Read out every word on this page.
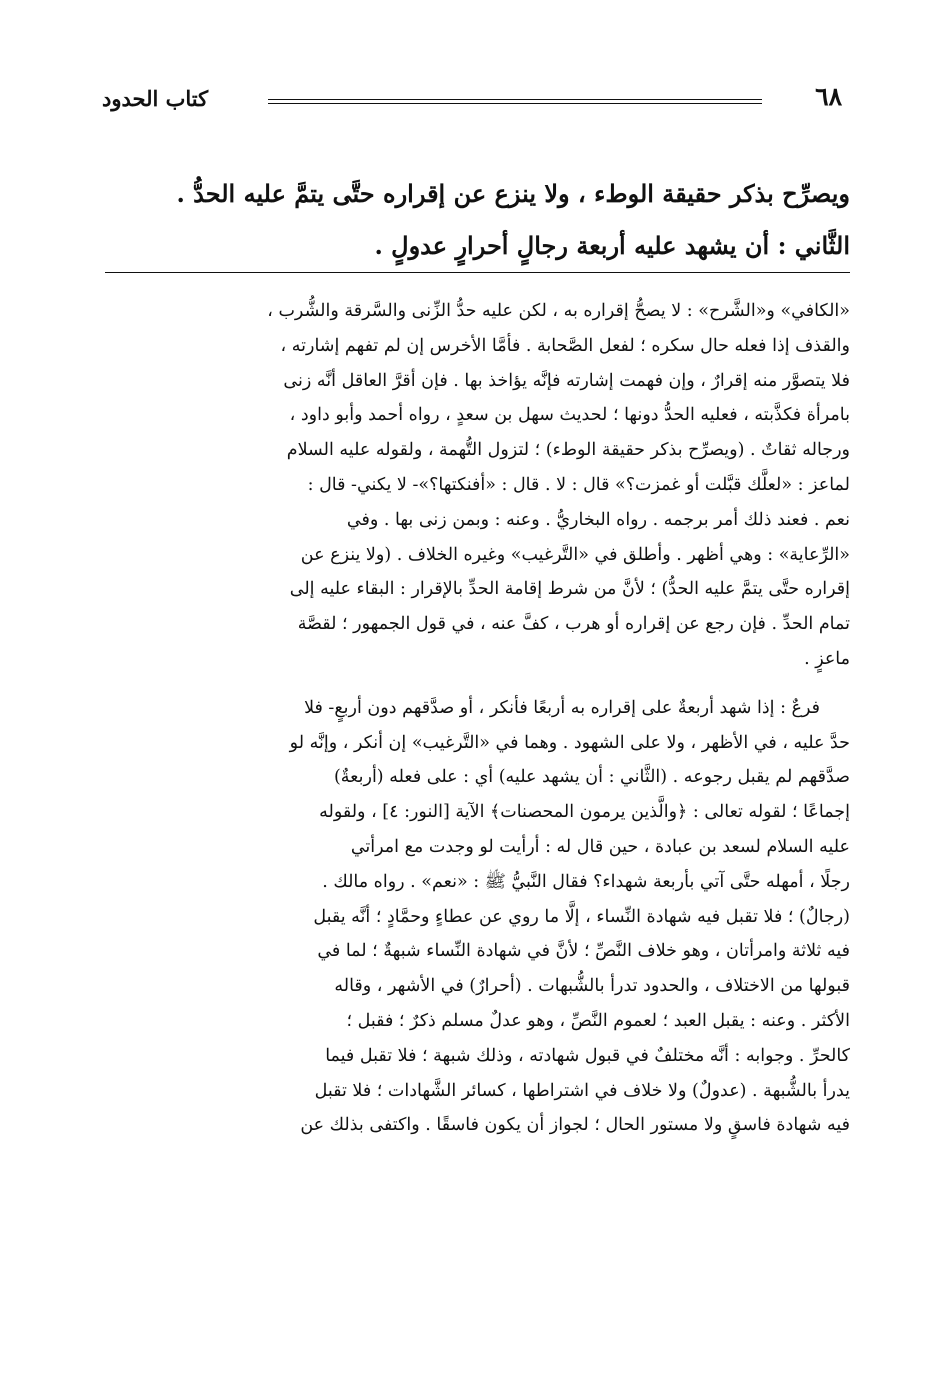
كتاب الحدود	٦٨

ويصرِّح بذكر حقيقة الوطء ، ولا ينزع عن إقراره حتَّى يتمَّ عليه الحدُّ .

الثَّاني : أن يشهد عليه أربعة رجالٍ أحرارٍ عدولٍ .

«الكافي» و«الشَّرح» : لا يصحُّ إقراره به ، لكن عليه حدُّ الزِّنى والسَّرقة والشُّرب ،
والقذف إذا فعله حال سكره ؛ لفعل الصَّحابة . فأمَّا الأخرس إن لم تفهم إشارته ،
فلا يتصوَّر منه إقرارٌ ، وإن فهمت إشارته فإنَّه يؤاخذ بها . فإن أقرَّ العاقل أنَّه زنى
بامرأة فكذَّبته ، فعليه الحدُّ دونها ؛ لحديث سهل بن سعدٍ ، رواه أحمد وأبو داود ،
ورجاله ثقاتٌ . (ويصرِّح بذكر حقيقة الوطء) ؛ لتزول التُّهمة ، ولقوله عليه السلام
لماعز : «لعلَّك قبَّلت أو غمزت؟» قال : لا . قال : «أفنكتها؟»- لا يكني- قال :
نعم . فعند ذلك أمر برجمه . رواه البخاريُّ . وعنه : وبمن زنى بها . وفي
«الرِّعاية» : وهي أظهر . وأطلق في «التَّرغيب» وغيره الخلاف . (ولا ينزع عن
إقراره حتَّى يتمَّ عليه الحدُّ) ؛ لأنَّ من شرط إقامة الحدِّ بالإقرار : البقاء عليه إلى
تمام الحدِّ . فإن رجع عن إقراره أو هرب ، كفَّ عنه ، في قول الجمهور ؛ لقصَّة
ماعزٍ .
فرعٌ : إذا شهد أربعةٌ على إقراره به أربعًا فأنكر ، أو صدَّقهم دون أربعٍ- فلا
حدَّ عليه ، في الأظهر ، ولا على الشهود . وهما في «التَّرغيب» إن أنكر ، وإنَّه لو
صدَّقهم لم يقبل رجوعه . (الثَّاني : أن يشهد عليه) أي : على فعله (أربعةٌ)
إجماعًا ؛ لقوله تعالى : ﴿والَّذين يرمون المحصنات﴾ الآية [النور: ٤] ، ولقوله
عليه السلام لسعد بن عبادة ، حين قال له : أرأيت لو وجدت مع امرأتي
رجلًا ، أمهله حتَّى آتي بأربعة شهداء؟ فقال النَّبيُّ ﷺ : «نعم» . رواه مالك .
(رجالٌ) ؛ فلا تقبل فيه شهادة النِّساء ، إلَّا ما روي عن عطاءٍ وحمَّادٍ ؛ أنَّه يقبل
فيه ثلاثة وامرأتان ، وهو خلاف النَّصِّ ؛ لأنَّ في شهادة النِّساء شبهةٌ ؛ لما في
قبولها من الاختلاف ، والحدود تدرأ بالشُّبهات . (أحرارٌ) في الأشهر ، وقاله
الأكثر . وعنه : يقبل العبد ؛ لعموم النَّصِّ ، وهو عدلٌ مسلم ذكرٌ ؛ فقبل ؛
كالحرِّ . وجوابه : أنَّه مختلفٌ في قبول شهادته ، وذلك شبهة ؛ فلا تقبل فيما
يدرأ بالشُّبهة . (عدولٌ) ولا خلاف في اشتراطها ، كسائر الشَّهادات ؛ فلا تقبل
فيه شهادة فاسقٍ ولا مستور الحال ؛ لجواز أن يكون فاسقًا . واكتفى بذلك عن
